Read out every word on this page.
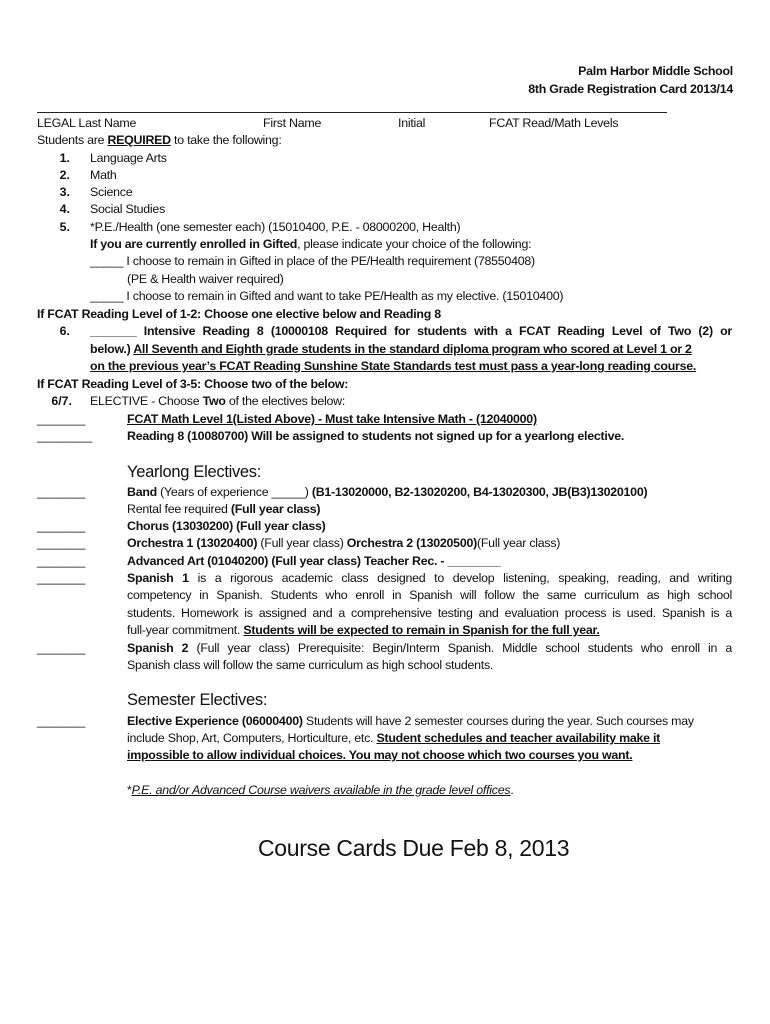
Palm Harbor Middle School
8th Grade Registration Card 2013/14
LEGAL Last Name	First Name	Initial	FCAT Read/Math Levels
Students are REQUIRED to take the following:
1. Language Arts
2. Math
3. Science
4. Social Studies
5. *P.E./Health (one semester each) (15010400, P.E. - 08000200, Health)
If you are currently enrolled in Gifted, please indicate your choice of the following:
_____ I choose to remain in Gifted in place of the PE/Health requirement (78550408)
(PE & Health waiver required)
_____ I choose to remain in Gifted and want to take PE/Health as my elective. (15010400)
If FCAT Reading Level of 1-2: Choose one elective below and Reading 8
6. _______ Intensive Reading 8 (10000108 Required for students with a FCAT Reading Level of Two (2) or
below.) All Seventh and Eighth grade students in the standard diploma program who scored at Level 1 or 2
on the previous year’s FCAT Reading Sunshine State Standards test must pass a year-long reading course.
If FCAT Reading Level of 3-5: Choose two of the below:
6/7. ELECTIVE - Choose Two of the electives below:
_______	FCAT Math Level 1(Listed Above) - Must take Intensive Math - (12040000)
________	Reading 8 (10080700) Will be assigned to students not signed up for a yearlong elective.
Yearlong Electives:
_______	Band (Years of experience _____) (B1-13020000, B2-13020200, B4-13020300, JB(B3)13020100)
Rental fee required (Full year class)
_______	Chorus (13030200) (Full year class)
_______	Orchestra 1 (13020400) (Full year class) Orchestra 2 (13020500)(Full year class)
_______	Advanced Art (01040200) (Full year class) Teacher Rec. - ________
_______	Spanish 1 is a rigorous academic class designed to develop listening, speaking, reading, and writing
competency in Spanish. Students who enroll in Spanish will follow the same curriculum as high school
students. Homework is assigned and a comprehensive testing and evaluation process is used. Spanish is a
full-year commitment. Students will be expected to remain in Spanish for the full year.
_______	Spanish 2 (Full year class) Prerequisite: Begin/Interm Spanish. Middle school students who enroll in a
Spanish class will follow the same curriculum as high school students.
Semester Electives:
_______	Elective Experience (06000400) Students will have 2 semester courses during the year. Such courses may
include Shop, Art, Computers, Horticulture, etc. Student schedules and teacher availability make it
impossible to allow individual choices. You may not choose which two courses you want.
*P.E. and/or Advanced Course waivers available in the grade level offices.
Course Cards Due Feb 8, 2013
